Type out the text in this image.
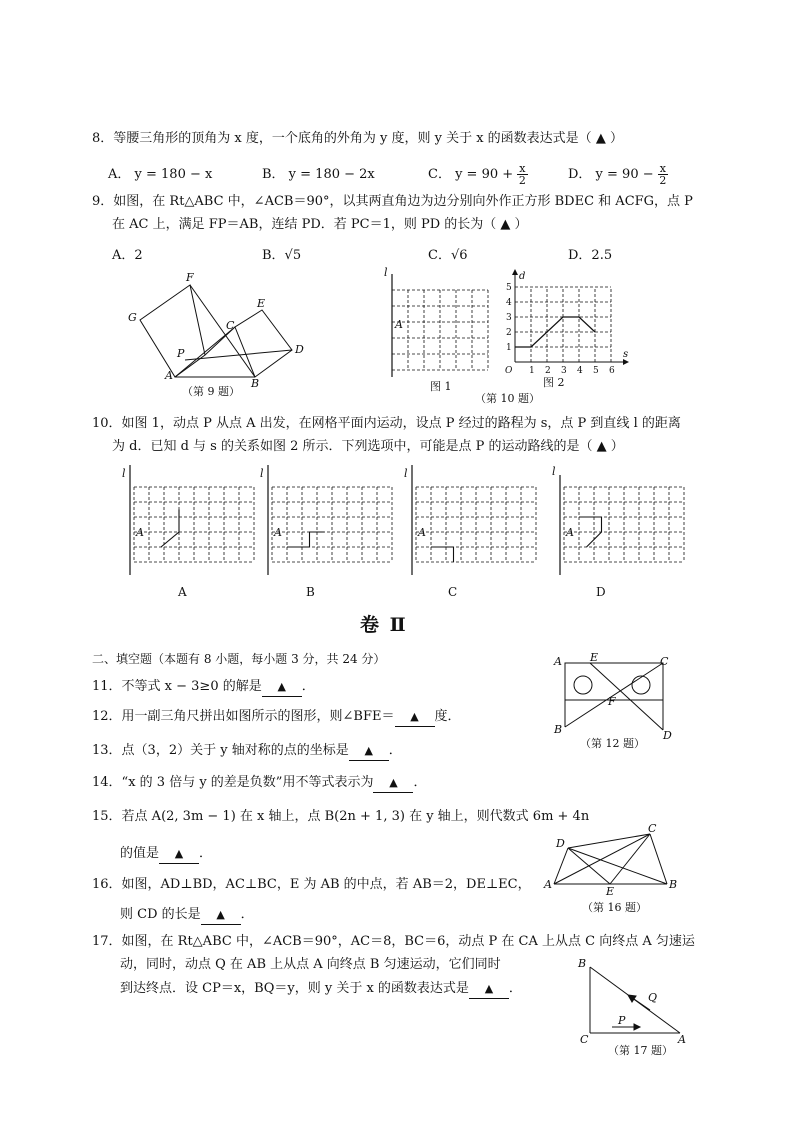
8．等腰三角形的顶角为 x 度，一个底角的外角为 y 度，则 y 关于 x 的函数表达式是（ ▲ ）
A． y = 180 − x	B． y = 180 − 2x	C． $y = 90 + \frac{x}{2}$	D． $y = 90 - \frac{x}{2}$
9．如图，在 Rt△ABC 中，∠ACB＝90°，以其两直角边为边分别向外作正方形 BDEC 和 ACFG，点 P
在 AC 上，满足 FP＝AB，连结 PD．若 PC＝1，则 PD 的长为（ ▲ ）
A．2	B．√5	C．√6	D．2.5
F
G
E
C
P	D
A
B
（第 9 题）
l
A
图 1
1
2
3
4
5
1 2 3 4 5 6
O
d
s
图 2
（第 10 题）
10．如图 1，动点 P 从点 A 出发，在网格平面内运动，设点 P 经过的路程为 s，点 P 到直线 l 的距离
为 d．已知 d 与 s 的关系如图 2 所示．下列选项中，可能是点 P 的运动路线的是（ ▲ ）
l
A
l
A
l
A
l
A
A	B	C	D
卷 Ⅱ
二、填空题（本题有 8 小题，每小题 3 分，共 24 分）
11．不等式 x − 3≥0 的解是 ▲ ．
12．用一副三角尺拼出如图所示的图形，则∠BFE＝ ▲ 度．
13．点（3，2）关于 y 轴对称的点的坐标是 ▲ ．
14．“x 的 3 倍与 y 的差是负数”用不等式表示为 ▲ ．
15．若点 A(2, 3m − 1) 在 x 轴上，点 B(2n + 1, 3) 在 y 轴上，则代数式 6m + 4n
的值是 ▲ ．
16．如图，AD⊥BD，AC⊥BC，E 为 AB 的中点，若 AB＝2，DE⊥EC，
则 CD 的长是 ▲ ．
17．如图，在 Rt△ABC 中，∠ACB＝90°，AC＝8，BC＝6，动点 P 在 CA 上从点 C 向终点 A 匀速运
动，同时，动点 Q 在 AB 上从点 A 向终点 B 匀速运动，它们同时
到达终点．设 CP＝x，BQ＝y，则 y 关于 x 的函数表达式是 ▲ ．
A	E	C
F
B	D
（第 12 题）
D
C
A
E
B
（第 16 题）
B
Q
P
C	A
（第 17 题）
